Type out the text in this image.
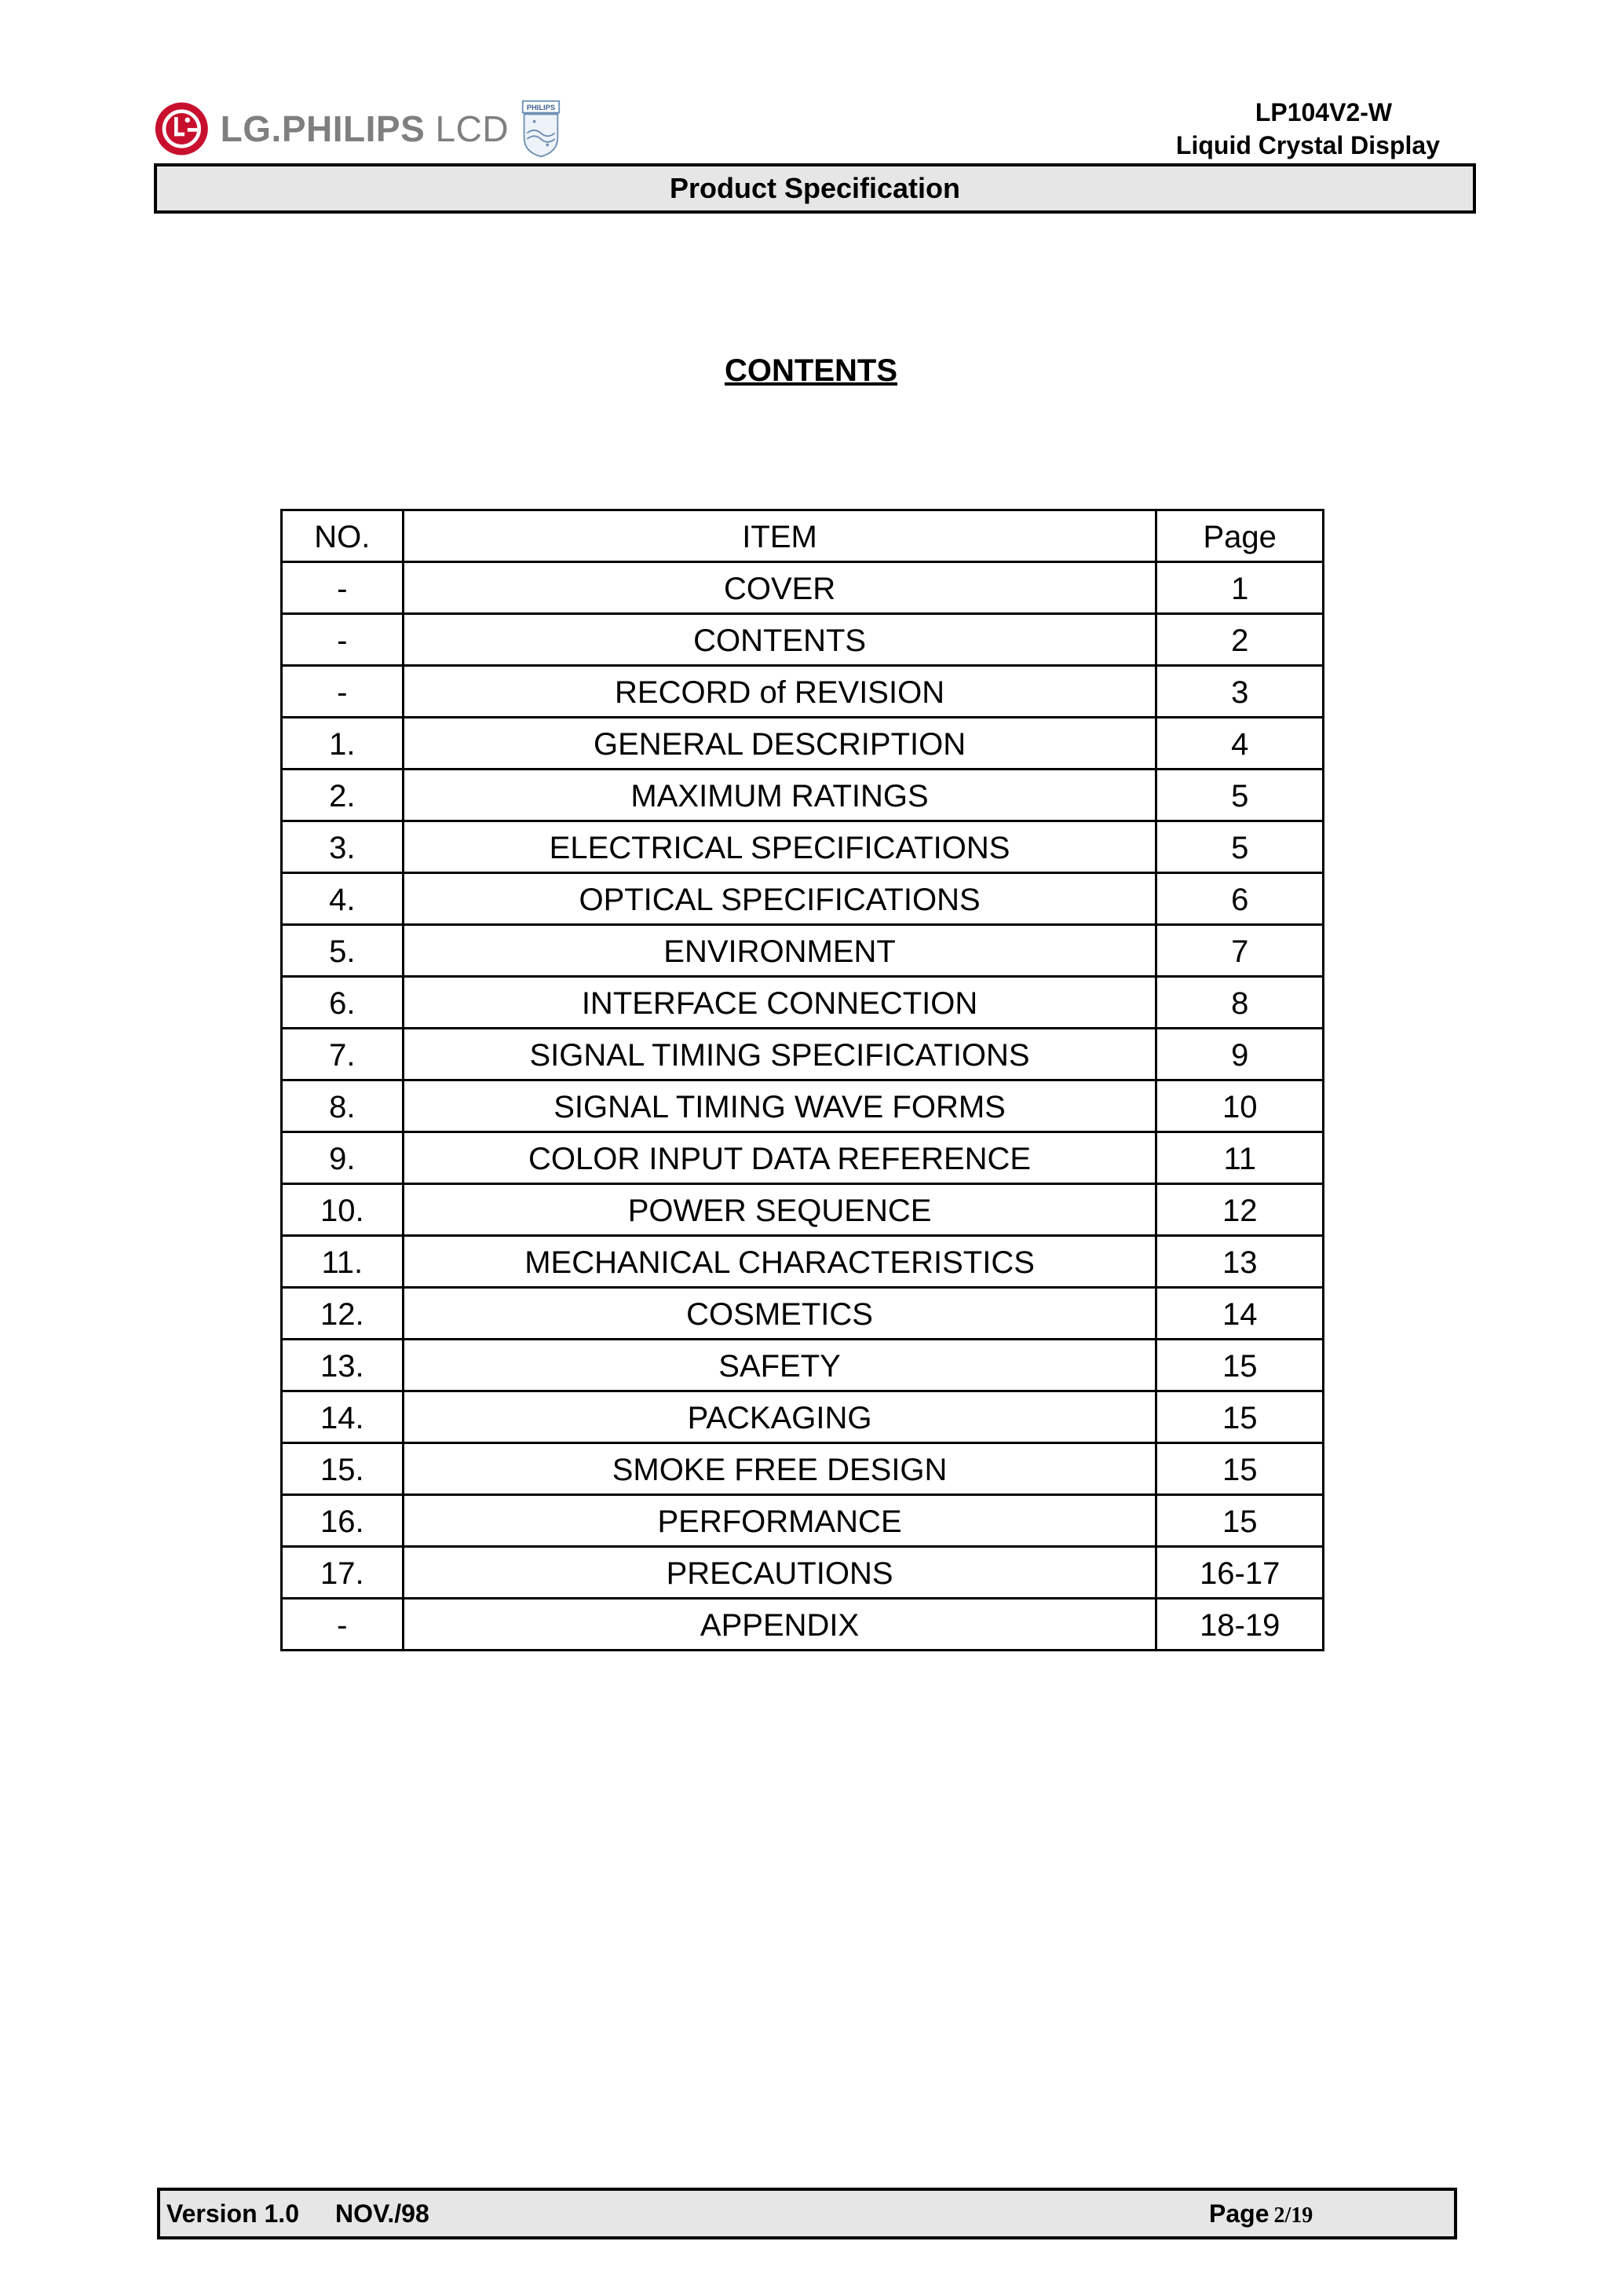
LG.PHILIPS LCD
PHILIPS	LP104V2-W
Liquid Crystal Display
Product Specification
CONTENTS
NO.	ITEM	Page
-	COVER	1
-	CONTENTS	2
-	RECORD of REVISION	3
1.	GENERAL DESCRIPTION	4
2.	MAXIMUM RATINGS	5
3.	ELECTRICAL SPECIFICATIONS	5
4.	OPTICAL SPECIFICATIONS	6
5.	ENVIRONMENT	7
6.	INTERFACE CONNECTION	8
7.	SIGNAL TIMING SPECIFICATIONS	9
8.	SIGNAL TIMING WAVE FORMS	10
9.	COLOR INPUT DATA REFERENCE	11
10.	POWER SEQUENCE	12
11.	MECHANICAL CHARACTERISTICS	13
12.	COSMETICS	14
13.	SAFETY	15
14.	PACKAGING	15
15.	SMOKE FREE DESIGN	15
16.	PERFORMANCE	15
17.	PRECAUTIONS	16-17
-	APPENDIX	18-19
Version 1.0 NOV./98	Page 2/19
